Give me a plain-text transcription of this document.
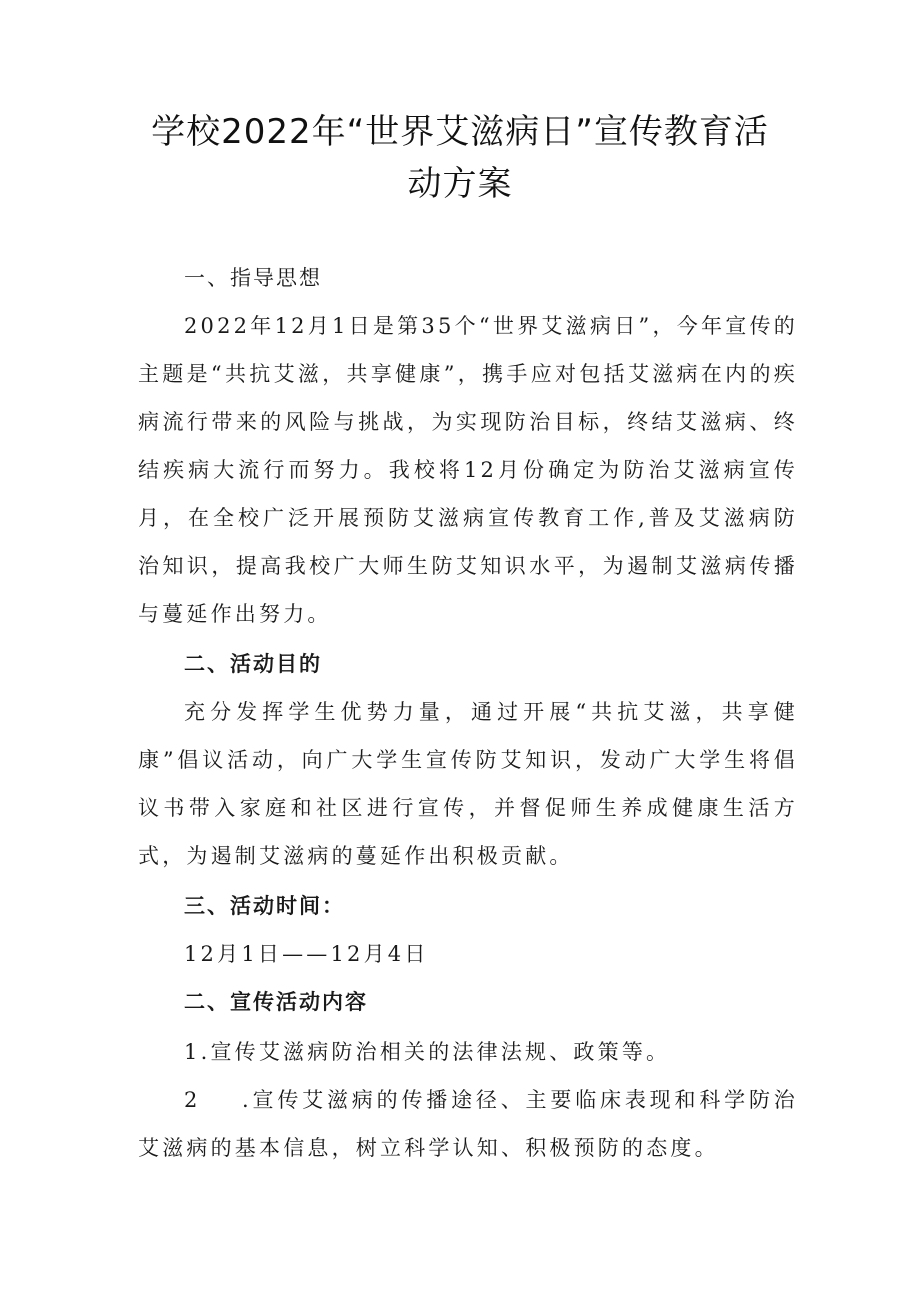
学校2022年“世界艾滋病日”宣传教育活
动方案

一、指导思想

2022年12月1日是第35个“世界艾滋病日”，今年宣传的主题是“共抗艾滋，共享健康”，携手应对包括艾滋病在内的疾病流行带来的风险与挑战，为实现防治目标，终结艾滋病、终结疾病大流行而努力。我校将12月份确定为防治艾滋病宣传月，在全校广泛开展预防艾滋病宣传教育工作,普及艾滋病防治知识，提高我校广大师生防艾知识水平，为遏制艾滋病传播与蔓延作出努力。

二、活动目的

充分发挥学生优势力量，通过开展“共抗艾滋，共享健康”倡议活动，向广大学生宣传防艾知识，发动广大学生将倡议书带入家庭和社区进行宣传，并督促师生养成健康生活方式，为遏制艾滋病的蔓延作出积极贡献。

三、活动时间：

12月1日——12月4日

二、宣传活动内容

1.宣传艾滋病防治相关的法律法规、政策等。

2 .宣传艾滋病的传播途径、主要临床表现和科学防治艾滋病的基本信息，树立科学认知、积极预防的态度。
